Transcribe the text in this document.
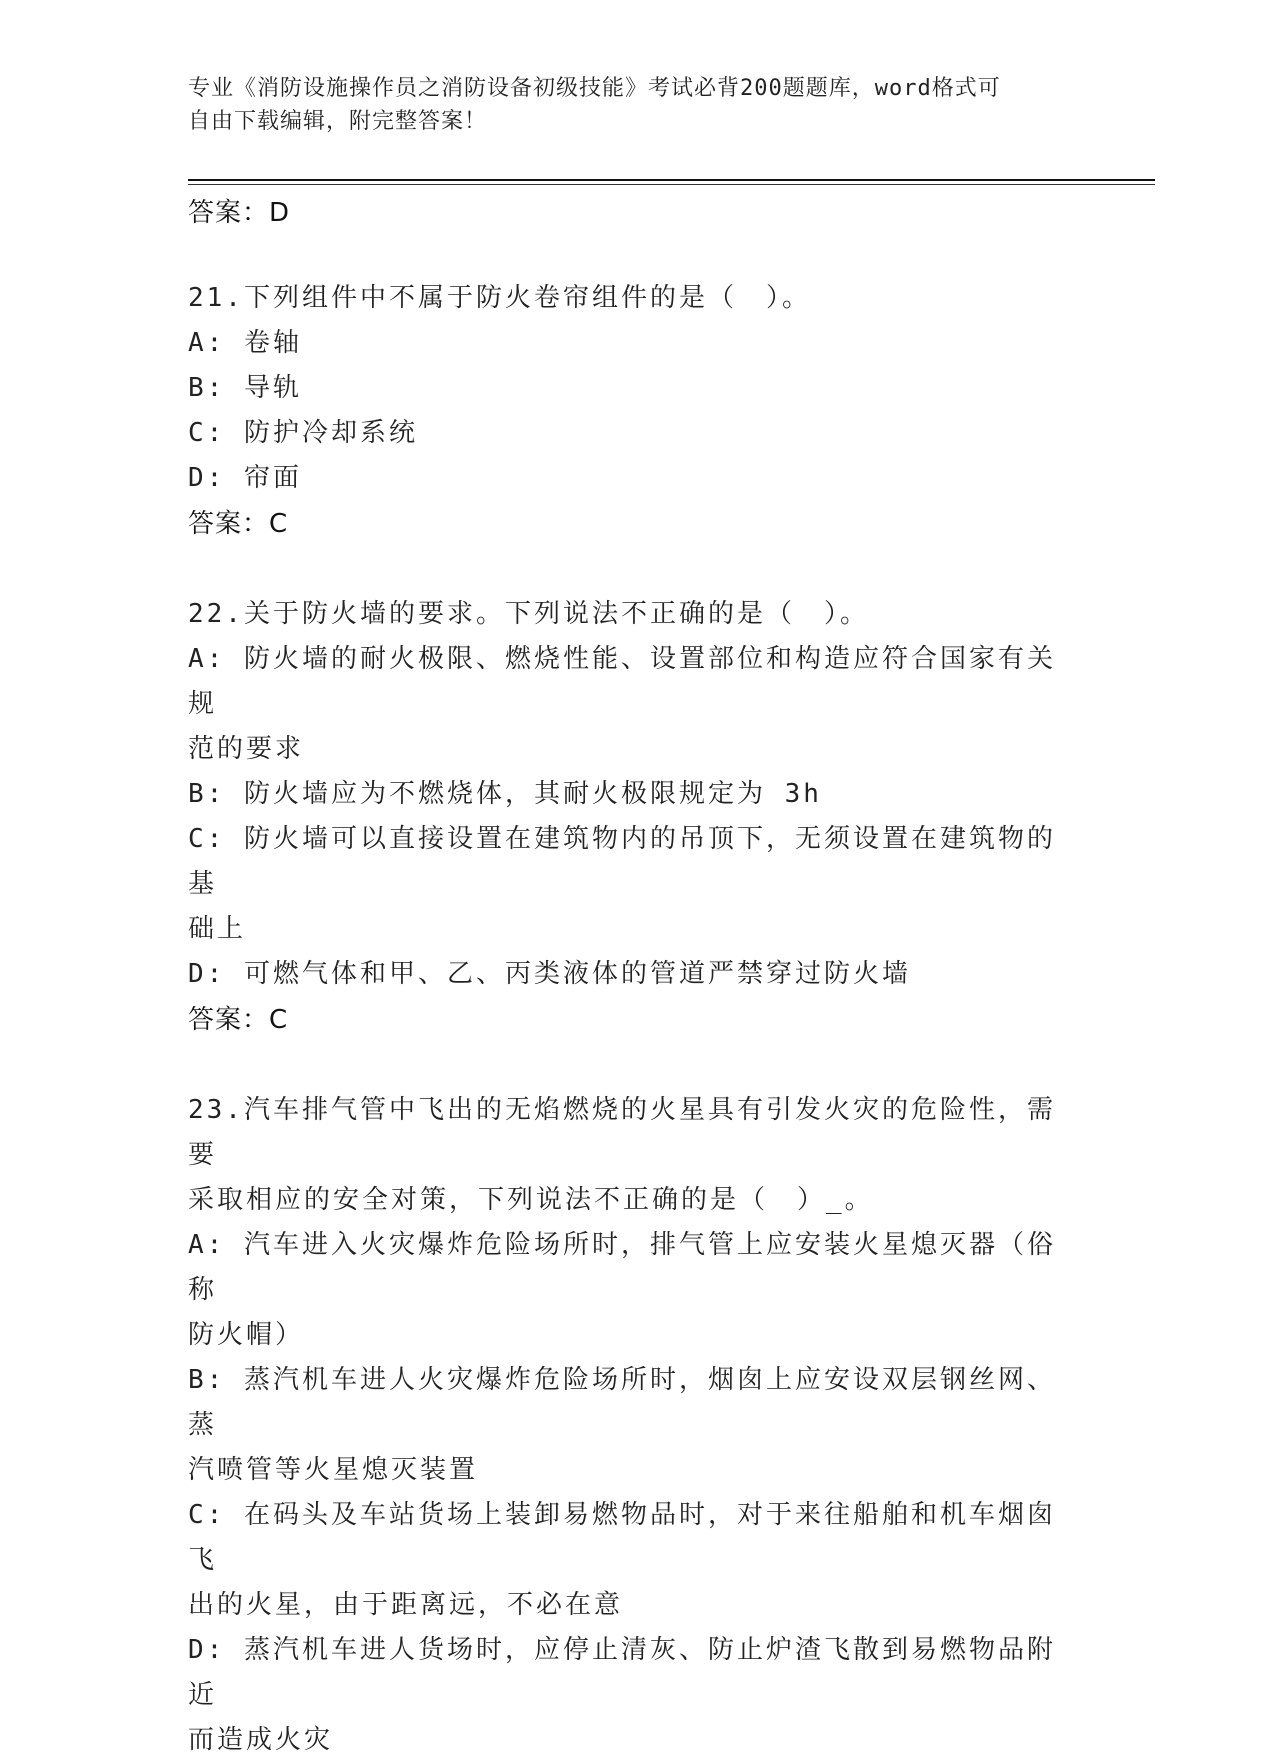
专业《消防设施操作员之消防设备初级技能》考试必背200题题库，word格式可
自由下载编辑，附完整答案！
答案：D
21.下列组件中不属于防火卷帘组件的是（　）。
A: 卷轴
B: 导轨
C: 防护冷却系统
D: 帘面
答案：C
22.关于防火墙的要求。下列说法不正确的是（　）。
A: 防火墙的耐火极限、燃烧性能、设置部位和构造应符合国家有关规
范的要求
B: 防火墙应为不燃烧体，其耐火极限规定为 3h
C: 防火墙可以直接设置在建筑物内的吊顶下，无须设置在建筑物的基
础上
D: 可燃气体和甲、乙、丙类液体的管道严禁穿过防火墙
答案：C
23.汽车排气管中飞出的无焰燃烧的火星具有引发火灾的危险性，需要
采取相应的安全对策，下列说法不正确的是（　）_。
A: 汽车进入火灾爆炸危险场所时，排气管上应安装火星熄灭器（俗称
防火帽）
B: 蒸汽机车进人火灾爆炸危险场所时，烟囱上应安设双层钢丝网、蒸
汽喷管等火星熄灭装置
C: 在码头及车站货场上装卸易燃物品时，对于来往船舶和机车烟囱飞
出的火星，由于距离远，不必在意
D: 蒸汽机车进人货场时，应停止清灰、防止炉渣飞散到易燃物品附近
而造成火灾
